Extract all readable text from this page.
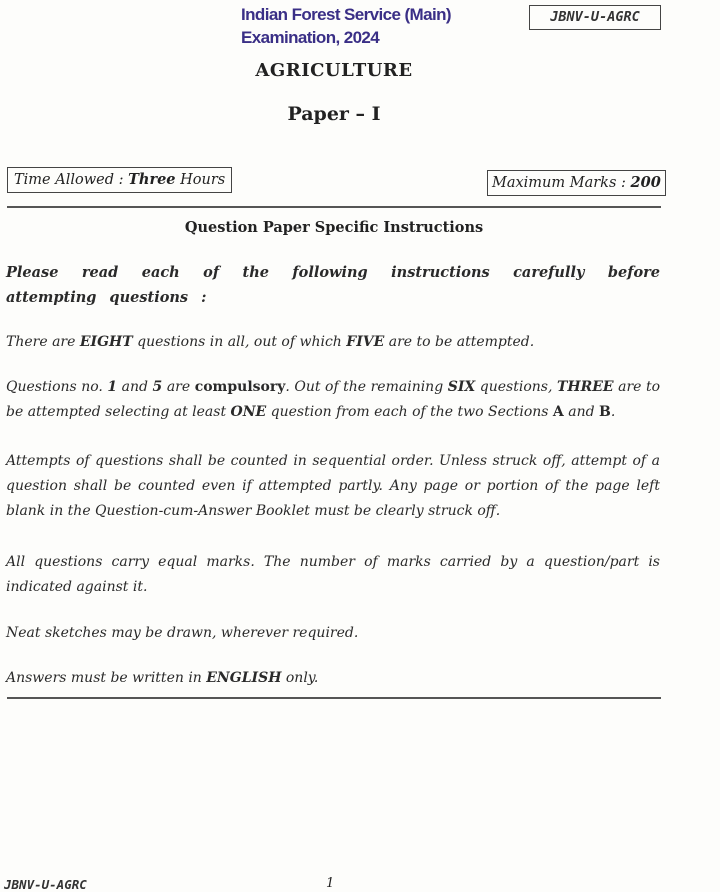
Indian Forest Service (Main)
Examination, 2024
JBNV-U-AGRC
AGRICULTURE
Paper – I
Time Allowed : Three Hours	Maximum Marks : 200
Question Paper Specific Instructions
Please read each of the following instructions carefully before attempting questions :
There are EIGHT questions in all, out of which FIVE are to be attempted.
Questions no. 1 and 5 are compulsory. Out of the remaining SIX questions, THREE are to be attempted selecting at least ONE question from each of the two Sections A and B.
Attempts of questions shall be counted in sequential order. Unless struck off, attempt of a question shall be counted even if attempted partly. Any page or portion of the page left blank in the Question-cum-Answer Booklet must be clearly struck off.
All questions carry equal marks. The number of marks carried by a question/part is indicated against it.
Neat sketches may be drawn, wherever required.
Answers must be written in ENGLISH only.
JBNV-U-AGRC	1
